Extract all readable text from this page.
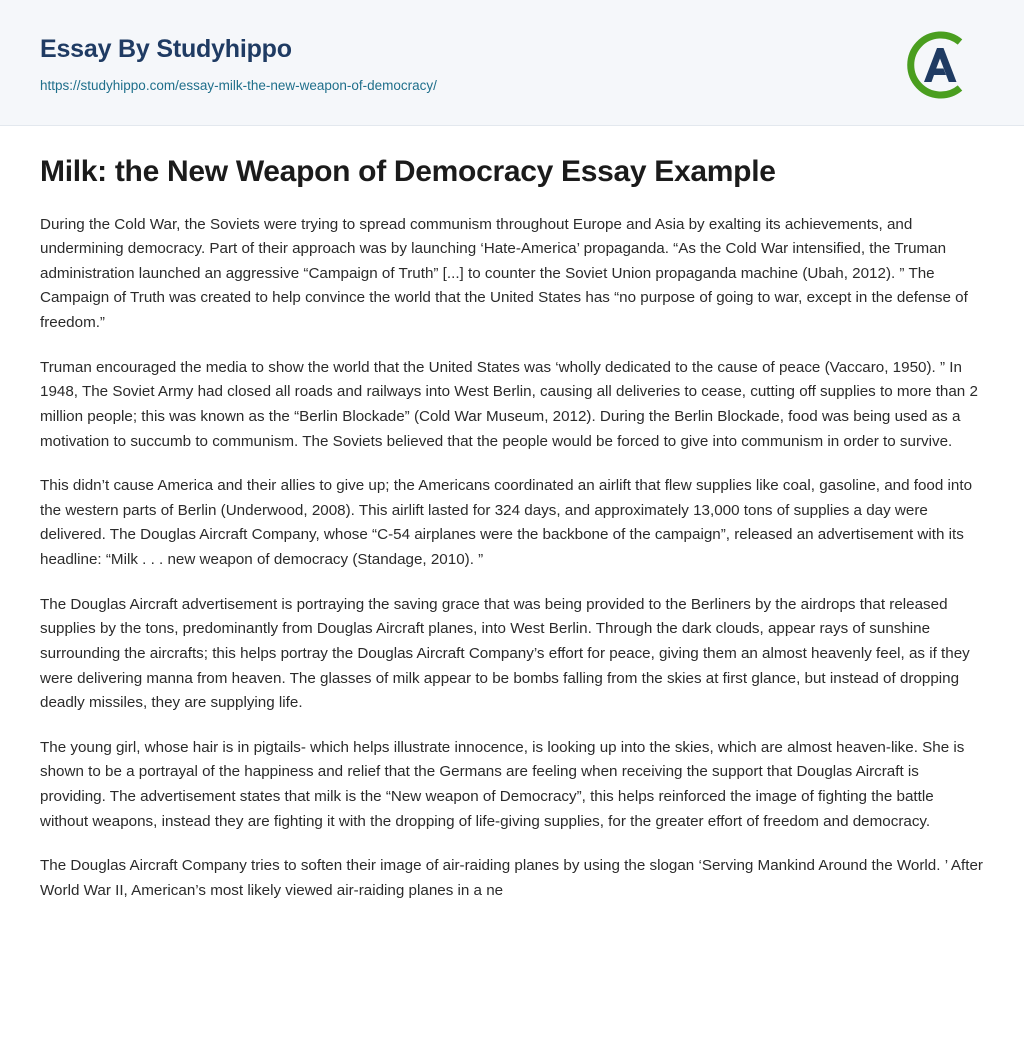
Essay By Studyhippo
https://studyhippo.com/essay-milk-the-new-weapon-of-democracy/
Milk: the New Weapon of Democracy Essay Example

During the Cold War, the Soviets were trying to spread communism throughout Europe and Asia by exalting its achievements, and undermining democracy. Part of their approach was by launching ‘Hate-America’ propaganda. “As the Cold War intensified, the Truman administration launched an aggressive “Campaign of Truth” [...] to counter the Soviet Union propaganda machine (Ubah, 2012). ” The Campaign of Truth was created to help convince the world that the United States has “no purpose of going to war, except in the defense of freedom.”

Truman encouraged the media to show the world that the United States was ‘wholly dedicated to the cause of peace (Vaccaro, 1950). ” In 1948, The Soviet Army had closed all roads and railways into West Berlin, causing all deliveries to cease, cutting off supplies to more than 2 million people; this was known as the “Berlin Blockade” (Cold War Museum, 2012). During the Berlin Blockade, food was being used as a motivation to succumb to communism. The Soviets believed that the people would be forced to give into communism in order to survive.

This didn’t cause America and their allies to give up; the Americans coordinated an airlift that flew supplies like coal, gasoline, and food into the western parts of Berlin (Underwood, 2008). This airlift lasted for 324 days, and approximately 13,000 tons of supplies a day were delivered. The Douglas Aircraft Company, whose “C-54 airplanes were the backbone of the campaign”, released an advertisement with its headline: “Milk . . . new weapon of democracy (Standage, 2010). ”

The Douglas Aircraft advertisement is portraying the saving grace that was being provided to the Berliners by the airdrops that released supplies by the tons, predominantly from Douglas Aircraft planes, into West Berlin. Through the dark clouds, appear rays of sunshine surrounding the aircrafts; this helps portray the Douglas Aircraft Company’s effort for peace, giving them an almost heavenly feel, as if they were delivering manna from heaven. The glasses of milk appear to be bombs falling from the skies at first glance, but instead of dropping deadly missiles, they are supplying life.

The young girl, whose hair is in pigtails- which helps illustrate innocence, is looking up into the skies, which are almost heaven-like. She is shown to be a portrayal of the happiness and relief that the Germans are feeling when receiving the support that Douglas Aircraft is providing. The advertisement states that milk is the “New weapon of Democracy”, this helps reinforced the image of fighting the battle without weapons, instead they are fighting it with the dropping of life-giving supplies, for the greater effort of freedom and democracy.

The Douglas Aircraft Company tries to soften their image of air-raiding planes by using the slogan ‘Serving Mankind Around the World. ’ After World War II, American’s most likely viewed air-raiding planes in a ne
